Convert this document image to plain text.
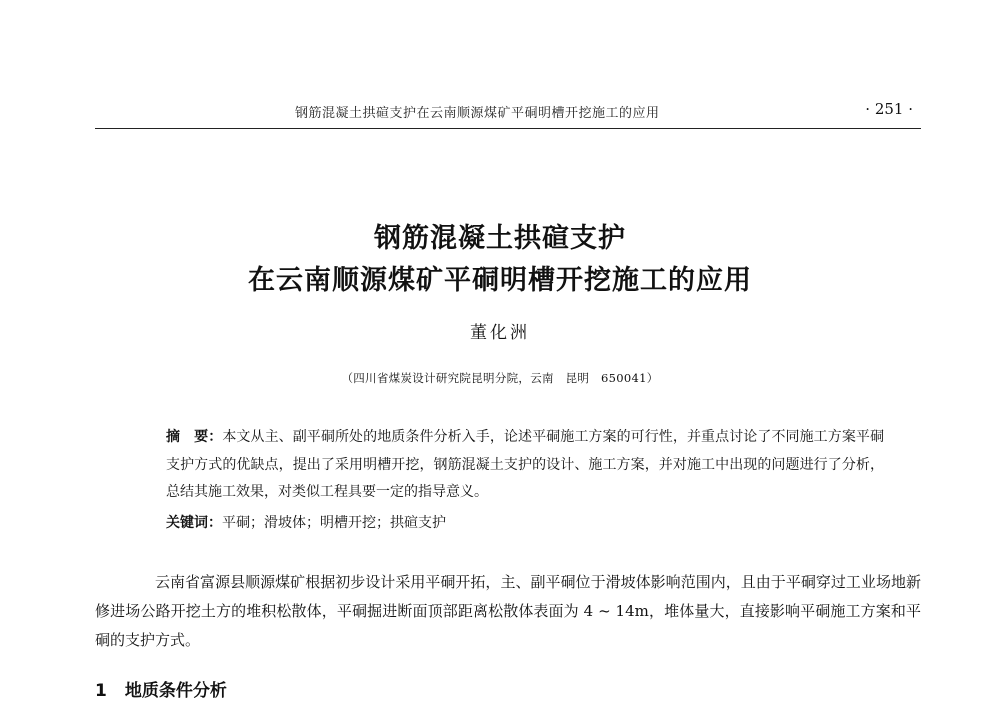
钢筋混凝土拱碹支护在云南顺源煤矿平硐明槽开挖施工的应用	· 251 ·
钢筋混凝土拱碹支护
在云南顺源煤矿平硐明槽开挖施工的应用
董化洲
（四川省煤炭设计研究院昆明分院，云南　昆明　650041）
摘　要：本文从主、副平硐所处的地质条件分析入手，论述平硐施工方案的可行性，并重点讨论了不同施工方案平硐支护方式的优缺点，提出了采用明槽开挖，钢筋混凝土支护的设计、施工方案，并对施工中出现的问题进行了分析，总结其施工效果，对类似工程具要一定的指导意义。
关键词：平硐；滑坡体；明槽开挖；拱碹支护
云南省富源县顺源煤矿根据初步设计采用平硐开拓，主、副平硐位于滑坡体影响范围内，且由于平硐穿过工业场地新修进场公路开挖土方的堆积松散体，平硐掘进断面顶部距离松散体表面为 4 ~ 14m，堆体量大，直接影响平硐施工方案和平硐的支护方式。
1 地质条件分析
